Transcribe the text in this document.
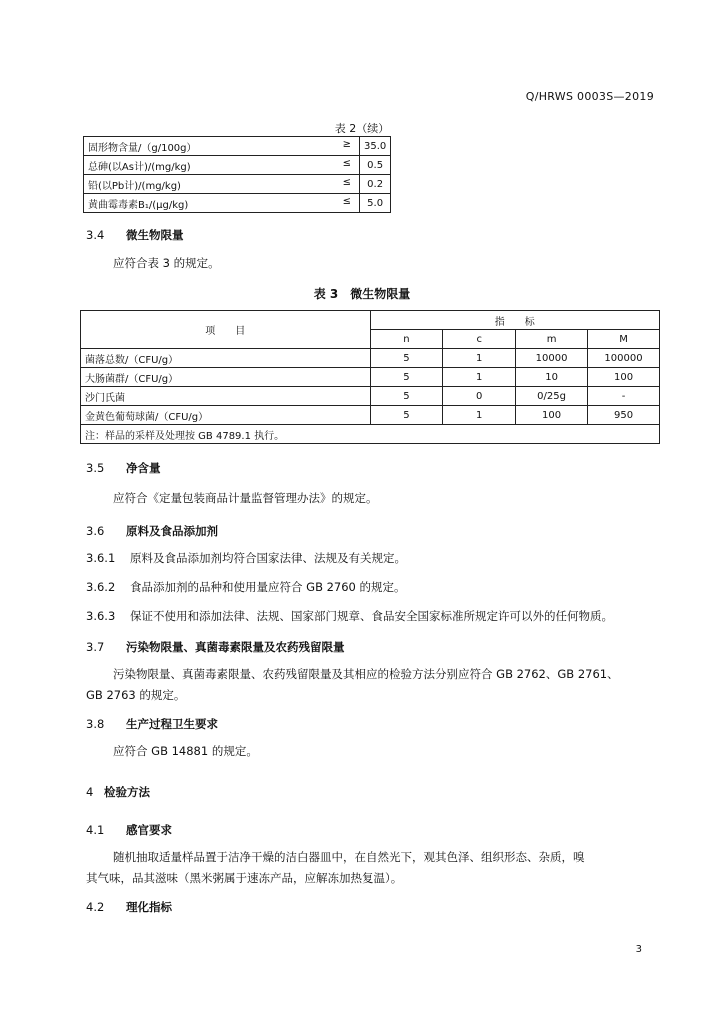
Q/HRWS 0003S—2019
表 2（续）
固形物含量/（g/100g） ≥	35.0
总砷(以As计)/(mg/kg) ≤	0.5
铅(以Pb计)/(mg/kg) ≤	0.2
黄曲霉毒素B₁/(μg/kg) ≤	5.0
3.4 微生物限量
应符合表 3 的规定。
表 3　微生物限量
项　　目	指　　标			
	n	c	m	M
菌落总数/（CFU/g）	5	1	10000	100000
大肠菌群/（CFU/g）	5	1	10	100
沙门氏菌	5	0	0/25g	-
金黄色葡萄球菌/（CFU/g）	5	1	100	950
注：样品的采样及处理按 GB 4789.1 执行。				
3.5 净含量
应符合《定量包装商品计量监督管理办法》的规定。
3.6 原料及食品添加剂
3.6.1 原料及食品添加剂均符合国家法律、法规及有关规定。
3.6.2 食品添加剂的品种和使用量应符合 GB 2760 的规定。
3.6.3 保证不使用和添加法律、法规、国家部门规章、食品安全国家标准所规定许可以外的任何物质。
3.7 污染物限量、真菌毒素限量及农药残留限量
污染物限量、真菌毒素限量、农药残留限量及其相应的检验方法分别应符合 GB 2762、GB 2761、
GB 2763 的规定。
3.8 生产过程卫生要求
应符合 GB 14881 的规定。
4 检验方法
4.1 感官要求
随机抽取适量样品置于洁净干燥的洁白器皿中，在自然光下，观其色泽、组织形态、杂质，嗅
其气味，品其滋味（黑米粥属于速冻产品，应解冻加热复温）。
4.2 理化指标
3
